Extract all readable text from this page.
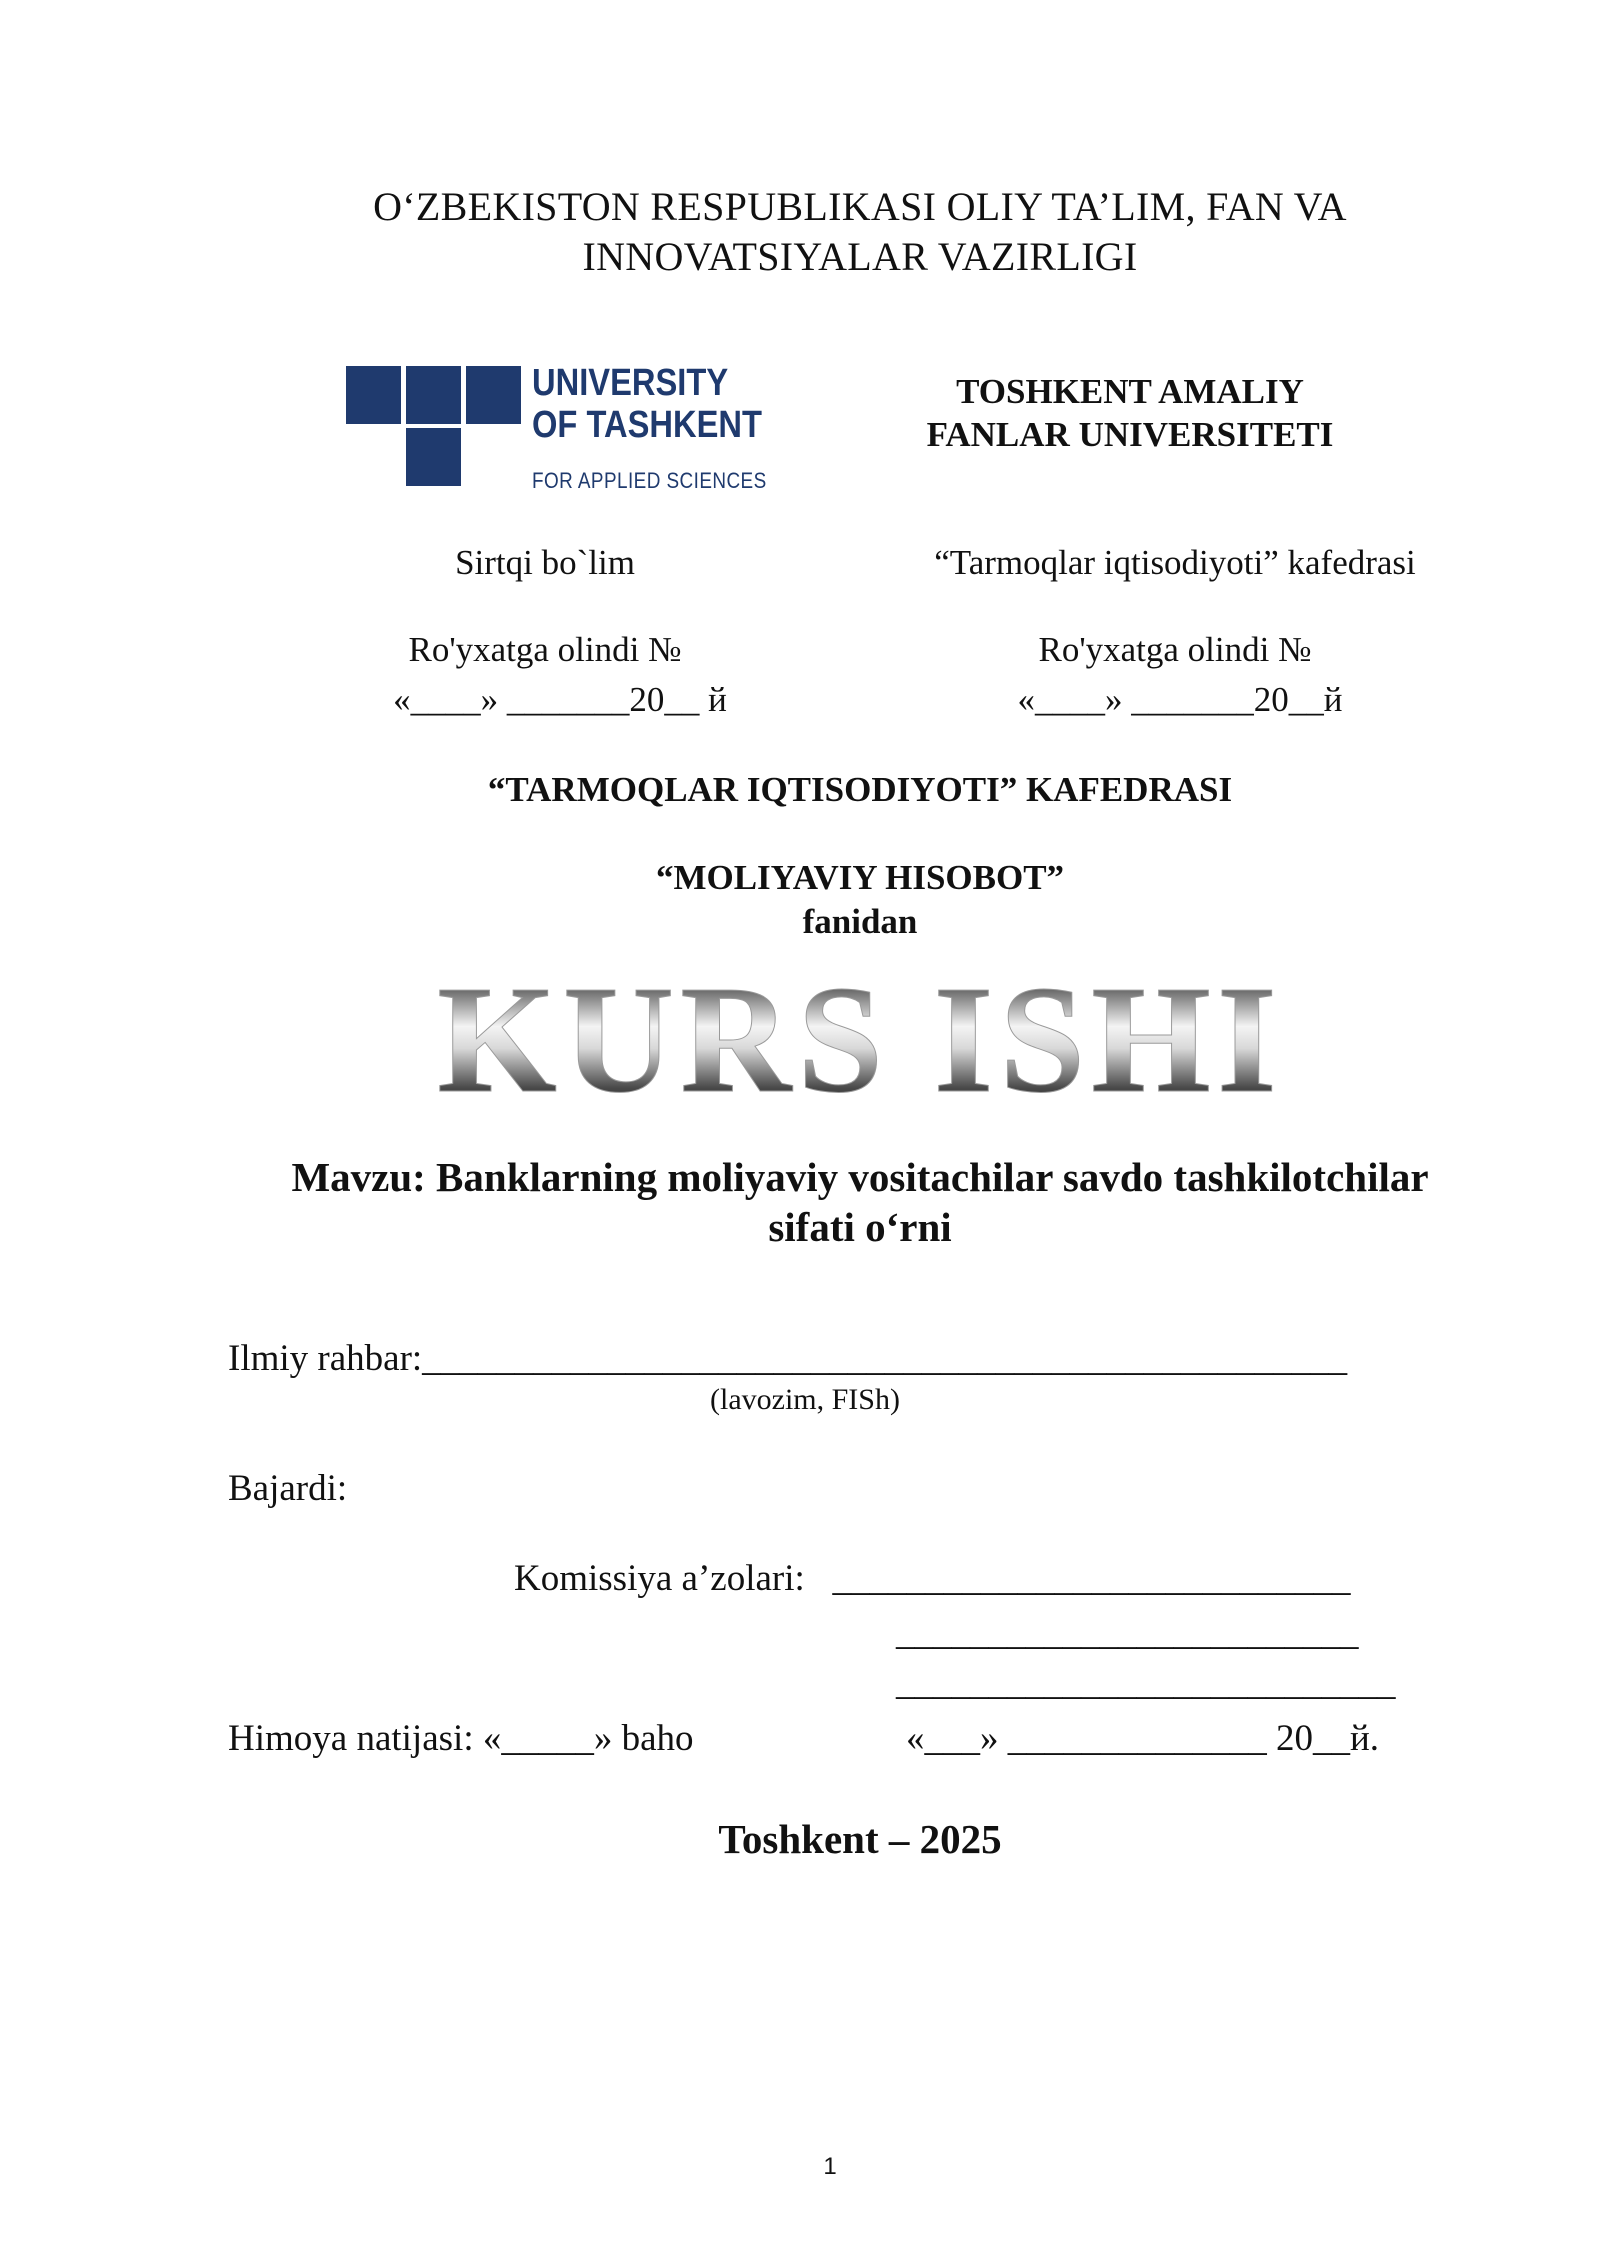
O‘ZBEKISTON RESPUBLIKASI OLIY TA’LIM, FAN VA
INNOVATSIYALAR VAZIRLIGI
UNIVERSITY
OF TASHKENT
FOR APPLIED SCIENCES
TOSHKENT AMALIY
FANLAR UNIVERSITETI
Sirtqi bo`lim	“Tarmoqlar iqtisodiyoti” kafedrasi
Ro'yxatga olindi №	Ro'yxatga olindi №
«____» _______20__ й	«____» _______20__й
“TARMOQLAR IQTISODIYOTI” KAFEDRASI
“MOLIYAVIY HISOBOT”
fanidan
KURS ISHI
Mavzu: Banklarning moliyaviy vositachilar savdo tashkilotchilar
sifati o‘rni
Ilmiy rahbar:__________________________________________________
(lavozim, FISh)
Bajardi:
Komissiya a’zolari:   ____________________________
_________________________
___________________________
Himoya natijasi: «_____» baho	«___» ______________ 20__й.
Toshkent – 2025
1
